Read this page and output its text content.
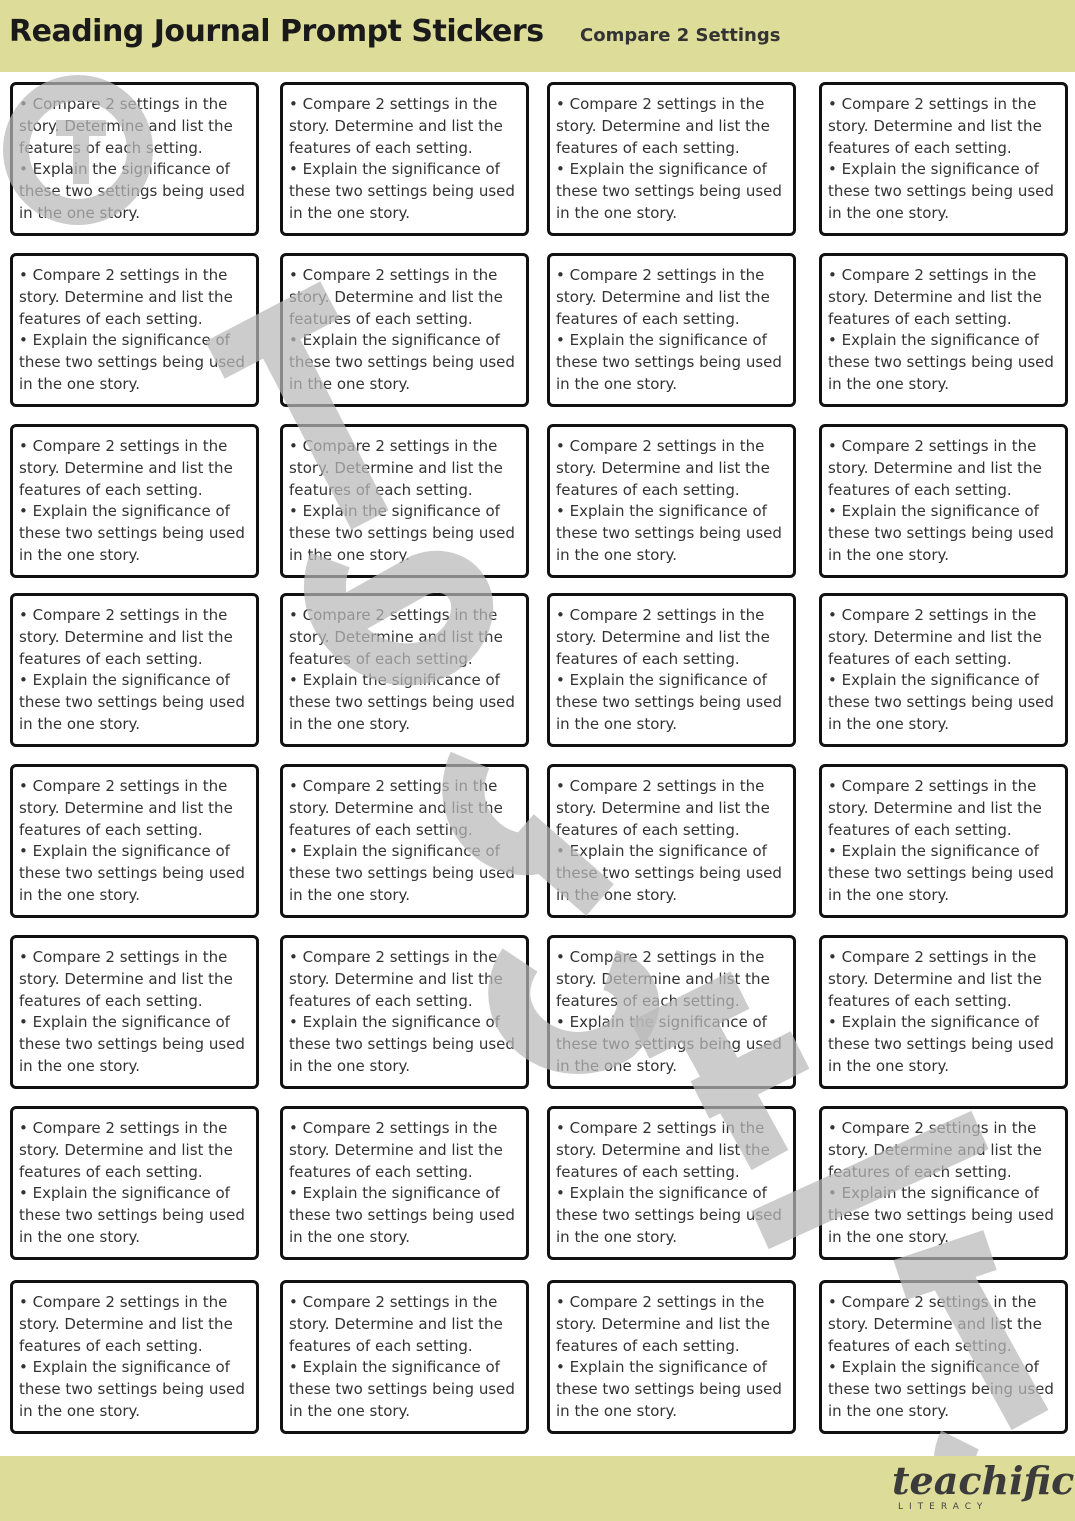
Reading Journal Prompt Stickers Compare 2 Settings
• Compare 2 settings in the story. Determine and list the features of each setting.
• Explain the significance of these two settings being used in the one story.
• Compare 2 settings in the story. Determine and list the features of each setting.
• Explain the significance of these two settings being used in the one story.
• Compare 2 settings in the story. Determine and list the features of each setting.
• Explain the significance of these two settings being used in the one story.
• Compare 2 settings in the story. Determine and list the features of each setting.
• Explain the significance of these two settings being used in the one story.
• Compare 2 settings in the story. Determine and list the features of each setting.
• Explain the significance of these two settings being used in the one story.
• Compare 2 settings in the story. Determine and list the features of each setting.
• Explain the significance of these two settings being used in the one story.
• Compare 2 settings in the story. Determine and list the features of each setting.
• Explain the significance of these two settings being used in the one story.
• Compare 2 settings in the story. Determine and list the features of each setting.
• Explain the significance of these two settings being used in the one story.
• Compare 2 settings in the story. Determine and list the features of each setting.
• Explain the significance of these two settings being used in the one story.
• Compare 2 settings in the story. Determine and list the features of each setting.
• Explain the significance of these two settings being used in the one story.
• Compare 2 settings in the story. Determine and list the features of each setting.
• Explain the significance of these two settings being used in the one story.
• Compare 2 settings in the story. Determine and list the features of each setting.
• Explain the significance of these two settings being used in the one story.
• Compare 2 settings in the story. Determine and list the features of each setting.
• Explain the significance of these two settings being used in the one story.
• Compare 2 settings in the story. Determine and list the features of each setting.
• Explain the significance of these two settings being used in the one story.
• Compare 2 settings in the story. Determine and list the features of each setting.
• Explain the significance of these two settings being used in the one story.
• Compare 2 settings in the story. Determine and list the features of each setting.
• Explain the significance of these two settings being used in the one story.
• Compare 2 settings in the story. Determine and list the features of each setting.
• Explain the significance of these two settings being used in the one story.
• Compare 2 settings in the story. Determine and list the features of each setting.
• Explain the significance of these two settings being used in the one story.
• Compare 2 settings in the story. Determine and list the features of each setting.
• Explain the significance of these two settings being used in the one story.
• Compare 2 settings in the story. Determine and list the features of each setting.
• Explain the significance of these two settings being used in the one story.
• Compare 2 settings in the story. Determine and list the features of each setting.
• Explain the significance of these two settings being used in the one story.
• Compare 2 settings in the story. Determine and list the features of each setting.
• Explain the significance of these two settings being used in the one story.
• Compare 2 settings in the story. Determine and list the features of each setting.
• Explain the significance of these two settings being used in the one story.
• Compare 2 settings in the story. Determine and list the features of each setting.
• Explain the significance of these two settings being used in the one story.
• Compare 2 settings in the story. Determine and list the features of each setting.
• Explain the significance of these two settings being used in the one story.
• Compare 2 settings in the story. Determine and list the features of each setting.
• Explain the significance of these two settings being used in the one story.
• Compare 2 settings in the story. Determine and list the features of each setting.
• Explain the significance of these two settings being used in the one story.
• Compare 2 settings in the story. Determine and list the features of each setting.
• Explain the significance of these two settings being used in the one story.
• Compare 2 settings in the story. Determine and list the features of each setting.
• Explain the significance of these two settings being used in the one story.
• Compare 2 settings in the story. Determine and list the features of each setting.
• Explain the significance of these two settings being used in the one story.
• Compare 2 settings in the story. Determine and list the features of each setting.
• Explain the significance of these two settings being used in the one story.
• Compare 2 settings in the story. Determine and list the features of each setting.
• Explain the significance of these two settings being used in the one story.
teachific
LITERACY
